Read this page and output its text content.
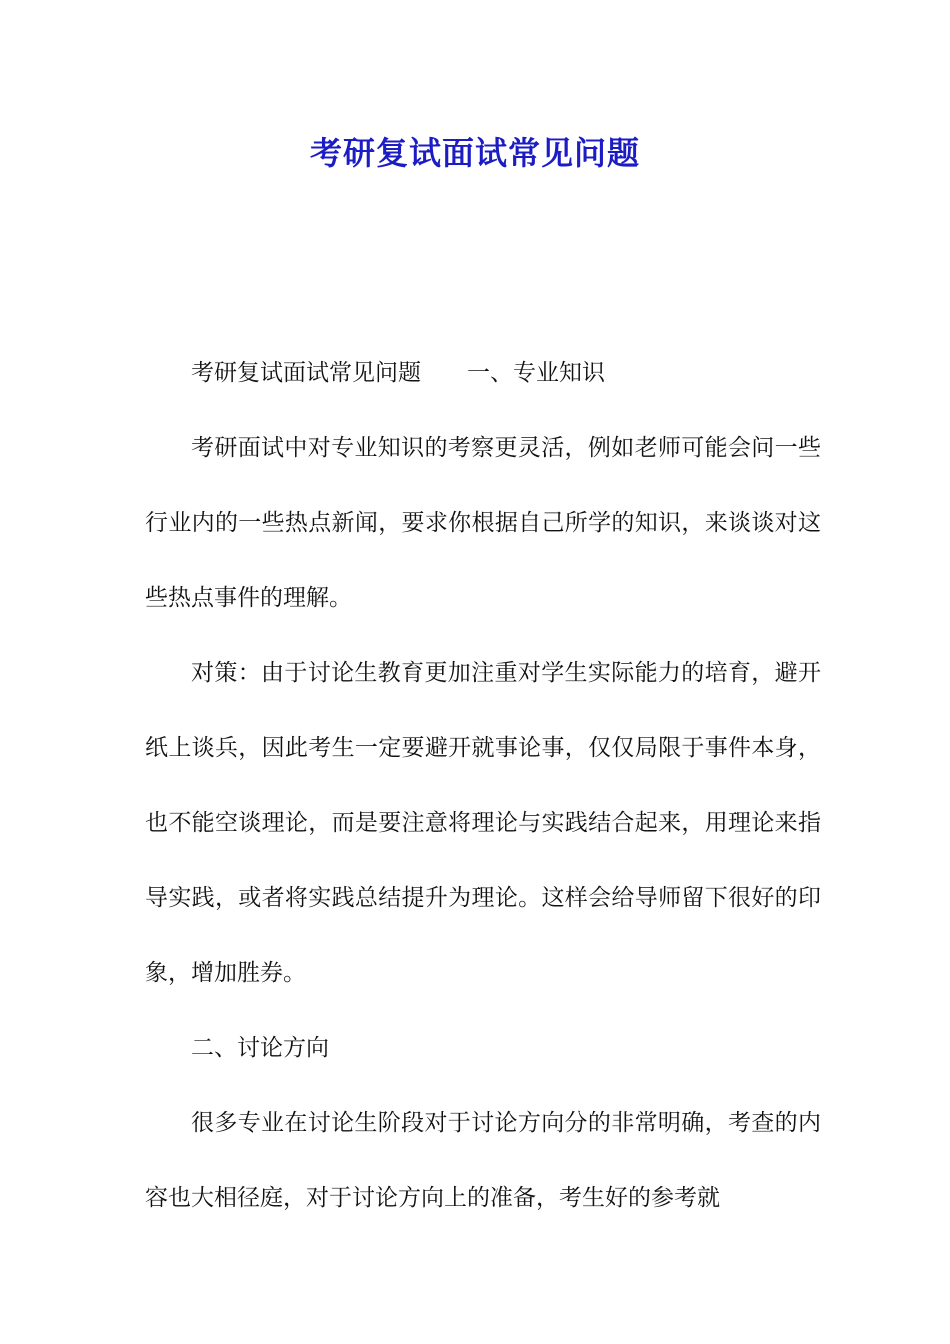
考研复试面试常见问题

考研复试面试常见问题 一、专业知识

考研面试中对专业知识的考察更灵活，例如老师可能会问一些行业内的一些热点新闻，要求你根据自己所学的知识，来谈谈对这些热点事件的理解。

对策：由于讨论生教育更加注重对学生实际能力的培育，避开纸上谈兵，因此考生一定要避开就事论事，仅仅局限于事件本身，也不能空谈理论，而是要注意将理论与实践结合起来，用理论来指导实践，或者将实践总结提升为理论。这样会给导师留下很好的印象，增加胜券。

二、讨论方向

很多专业在讨论生阶段对于讨论方向分的非常明确，考查的内容也大相径庭，对于讨论方向上的准备，考生好的参考就
